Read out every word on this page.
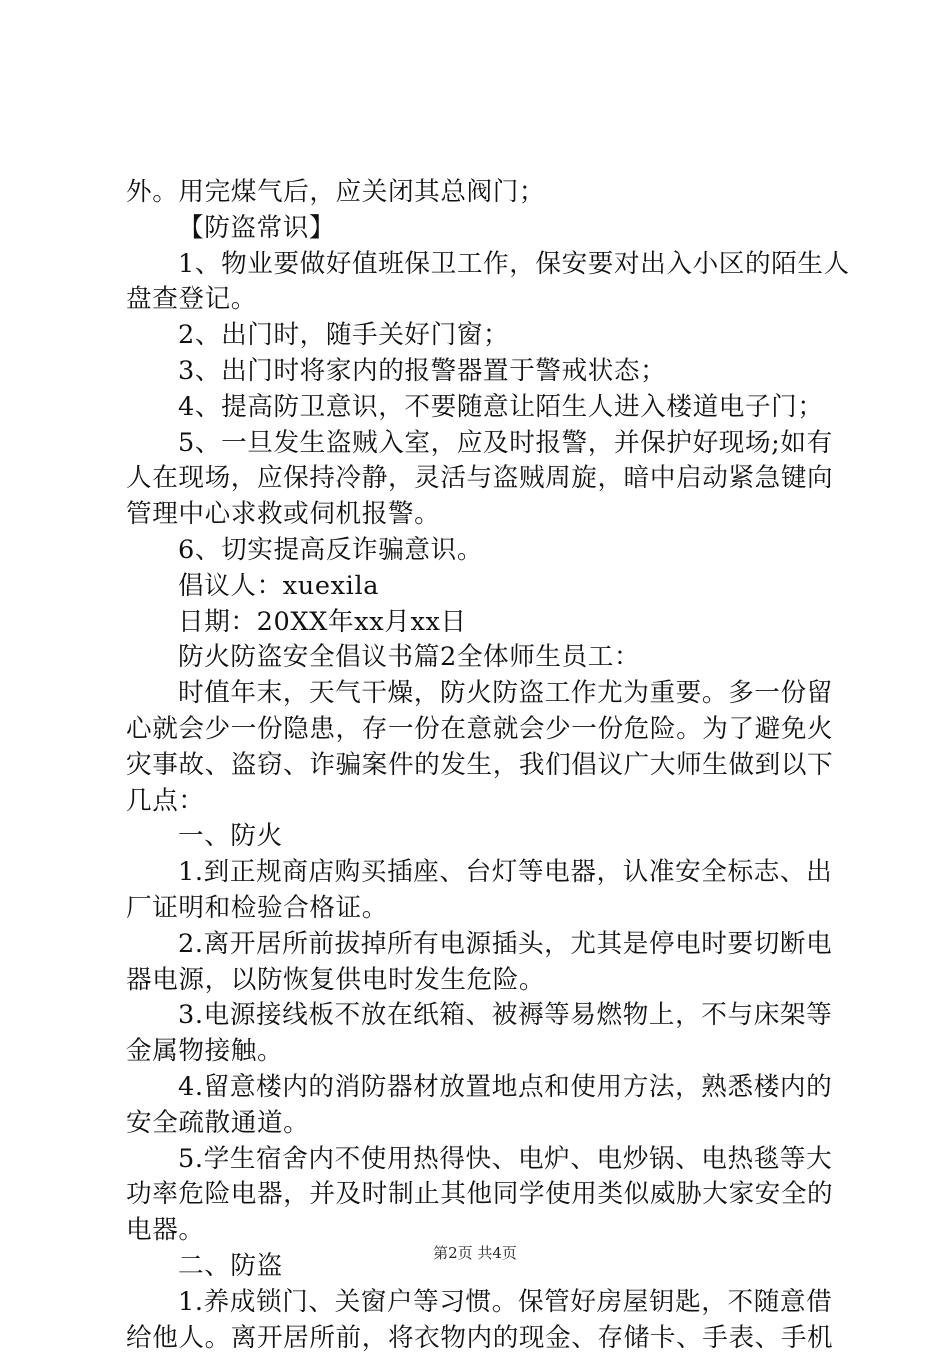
外。用完煤气后，应关闭其总阀门；
【防盗常识】
1、物业要做好值班保卫工作，保安要对出入小区的陌生人
盘查登记。
2、出门时，随手关好门窗；
3、出门时将家内的报警器置于警戒状态；
4、提高防卫意识，不要随意让陌生人进入楼道电子门；
5、一旦发生盗贼入室，应及时报警，并保护好现场;如有
人在现场，应保持冷静，灵活与盗贼周旋，暗中启动紧急键向
管理中心求救或伺机报警。
6、切实提高反诈骗意识。
倡议人：xuexila
日期：20XX年xx月xx日
防火防盗安全倡议书篇2全体师生员工：
时值年末，天气干燥，防火防盗工作尤为重要。多一份留
心就会少一份隐患，存一份在意就会少一份危险。为了避免火
灾事故、盗窃、诈骗案件的发生，我们倡议广大师生做到以下
几点：
一、防火
1.到正规商店购买插座、台灯等电器，认准安全标志、出
厂证明和检验合格证。
2.离开居所前拔掉所有电源插头，尤其是停电时要切断电
器电源，以防恢复供电时发生危险。
3.电源接线板不放在纸箱、被褥等易燃物上，不与床架等
金属物接触。
4.留意楼内的消防器材放置地点和使用方法，熟悉楼内的
安全疏散通道。
5.学生宿舍内不使用热得快、电炉、电炒锅、电热毯等大
功率危险电器，并及时制止其他同学使用类似威胁大家安全的
电器。
二、防盗
1.养成锁门、关窗户等习惯。保管好房屋钥匙，不随意借
给他人。离开居所前，将衣物内的现金、存储卡、手表、手机
第2页 共4页
